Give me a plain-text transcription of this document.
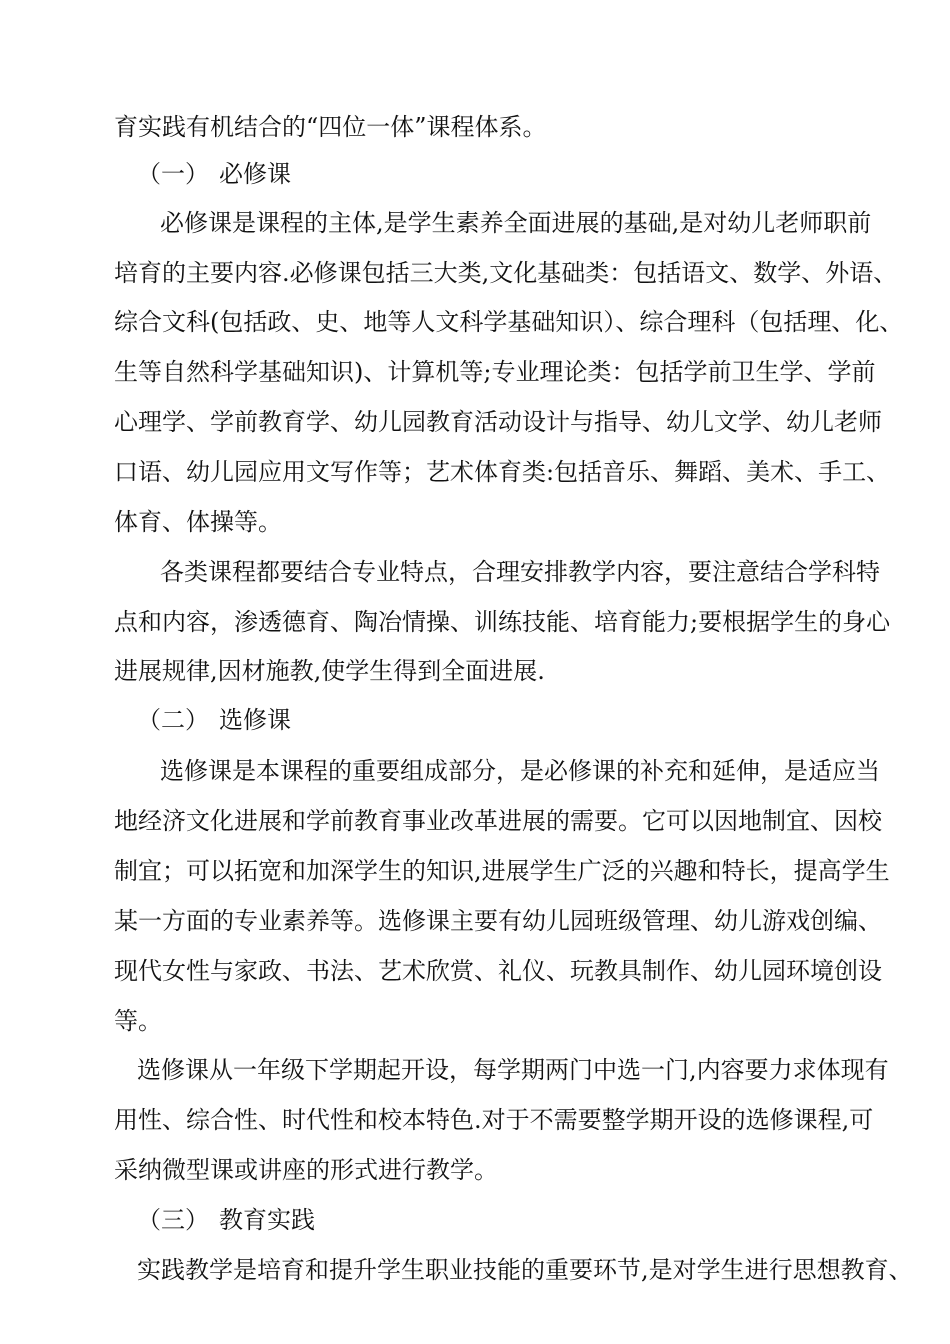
育实践有机结合的“四位一体”课程体系。
（一） 必修课
必修课是课程的主体,是学生素养全面进展的基础,是对幼儿老师职前
培育的主要内容.必修课包括三大类,文化基础类：包括语文、数学、外语、
综合文科(包括政、史、地等人文科学基础知识）、综合理科（包括理、化、
生等自然科学基础知识)、计算机等;专业理论类：包括学前卫生学、学前
心理学、学前教育学、幼儿园教育活动设计与指导、幼儿文学、幼儿老师
口语、幼儿园应用文写作等；艺术体育类:包括音乐、舞蹈、美术、手工、
体育、体操等。
各类课程都要结合专业特点，合理安排教学内容，要注意结合学科特
点和内容，渗透德育、陶冶情操、训练技能、培育能力;要根据学生的身心
进展规律,因材施教,使学生得到全面进展.
（二） 选修课
选修课是本课程的重要组成部分，是必修课的补充和延伸，是适应当
地经济文化进展和学前教育事业改革进展的需要。它可以因地制宜、因校
制宜；可以拓宽和加深学生的知识,进展学生广泛的兴趣和特长，提高学生
某一方面的专业素养等。选修课主要有幼儿园班级管理、幼儿游戏创编、
现代女性与家政、书法、艺术欣赏、礼仪、玩教具制作、幼儿园环境创设
等。
选修课从一年级下学期起开设，每学期两门中选一门,内容要力求体现有
用性、综合性、时代性和校本特色.对于不需要整学期开设的选修课程,可
采纳微型课或讲座的形式进行教学。
（三） 教育实践
实践教学是培育和提升学生职业技能的重要环节,是对学生进行思想教育、
